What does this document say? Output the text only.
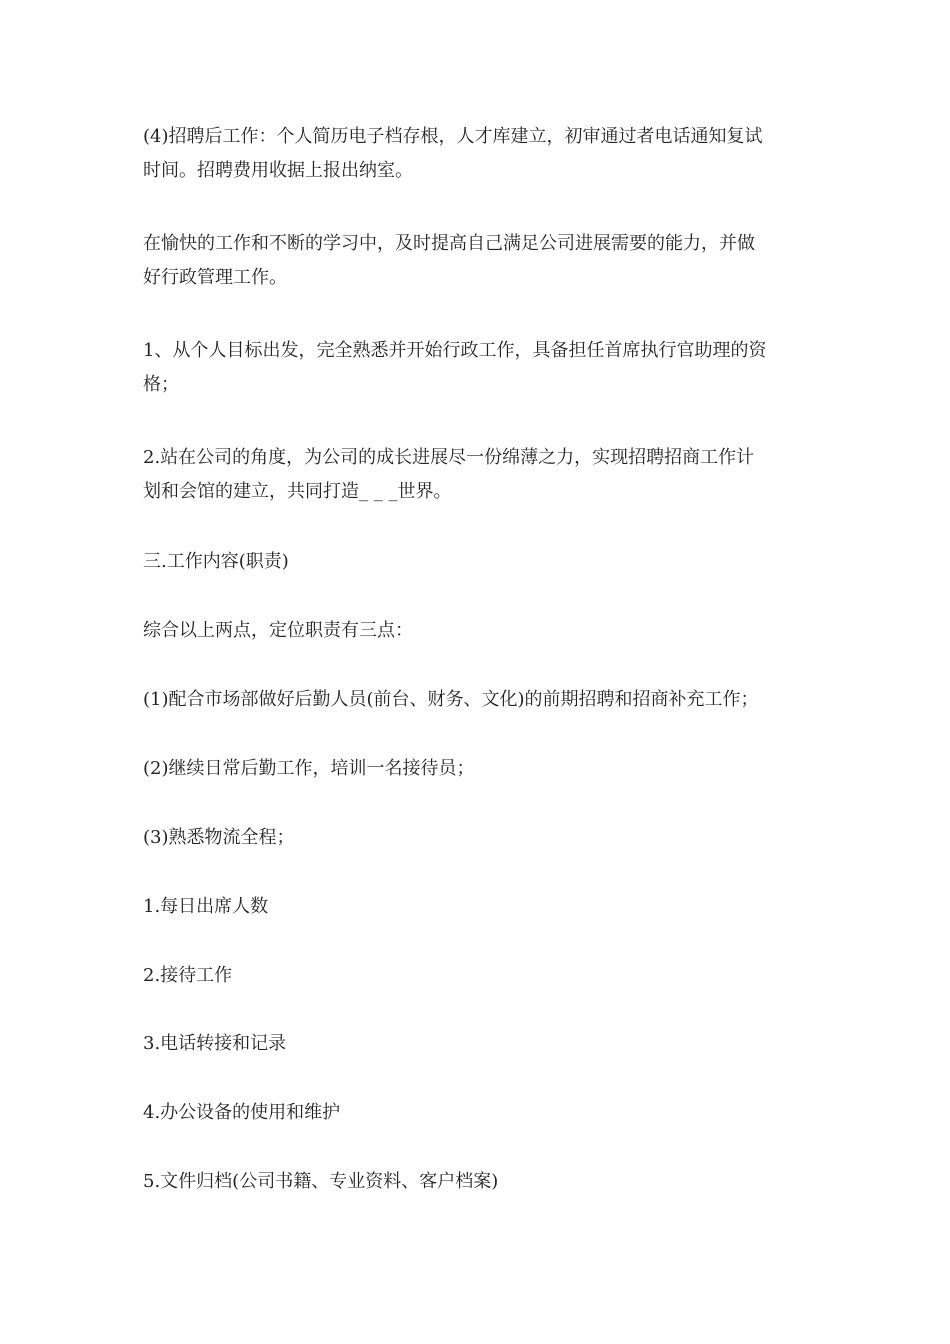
(4)招聘后工作：个人简历电子档存根，人才库建立，初审通过者电话通知复试
时间。招聘费用收据上报出纳室。

在愉快的工作和不断的学习中，及时提高自己满足公司进展需要的能力，并做
好行政管理工作。

1、从个人目标出发，完全熟悉并开始行政工作，具备担任首席执行官助理的资
格；

2.站在公司的角度，为公司的成长进展尽一份绵薄之力，实现招聘招商工作计
划和会馆的建立，共同打造_ _ _世界。

三.工作内容(职责)

综合以上两点，定位职责有三点：

(1)配合市场部做好后勤人员(前台、财务、文化)的前期招聘和招商补充工作；

(2)继续日常后勤工作，培训一名接待员；

(3)熟悉物流全程；

1.每日出席人数

2.接待工作

3.电话转接和记录

4.办公设备的使用和维护

5.文件归档(公司书籍、专业资料、客户档案)
